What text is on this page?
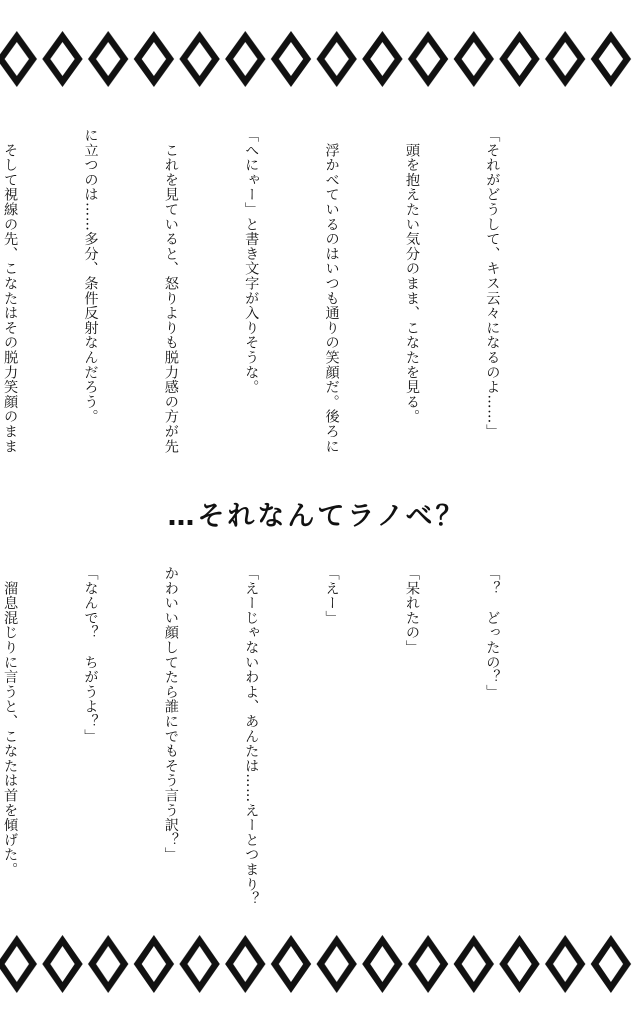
「それがどうして、キス云々になるのよ……」

　頭を抱えたい気分のまま、こなたを見る。

　浮かべているのはいつも通りの笑顔だ。後ろに

「へにゃー」と書き文字が入りそうな。

　これを見ていると、怒りよりも脱力感の方が先

に立つのは……多分、条件反射なんだろう。

　そして視線の先、こなたはその脱力笑顔のまま

…それなんてラノベ？

「？　どったの？」

「呆れたの」

「えー」

「えーじゃないわよ、あんたは……えーとつまり？

かわいい顔してたら誰にでもそう言う訳？」

「なんで？　ちがうよ？」

　溜息混じりに言うと、こなたは首を傾げた。
